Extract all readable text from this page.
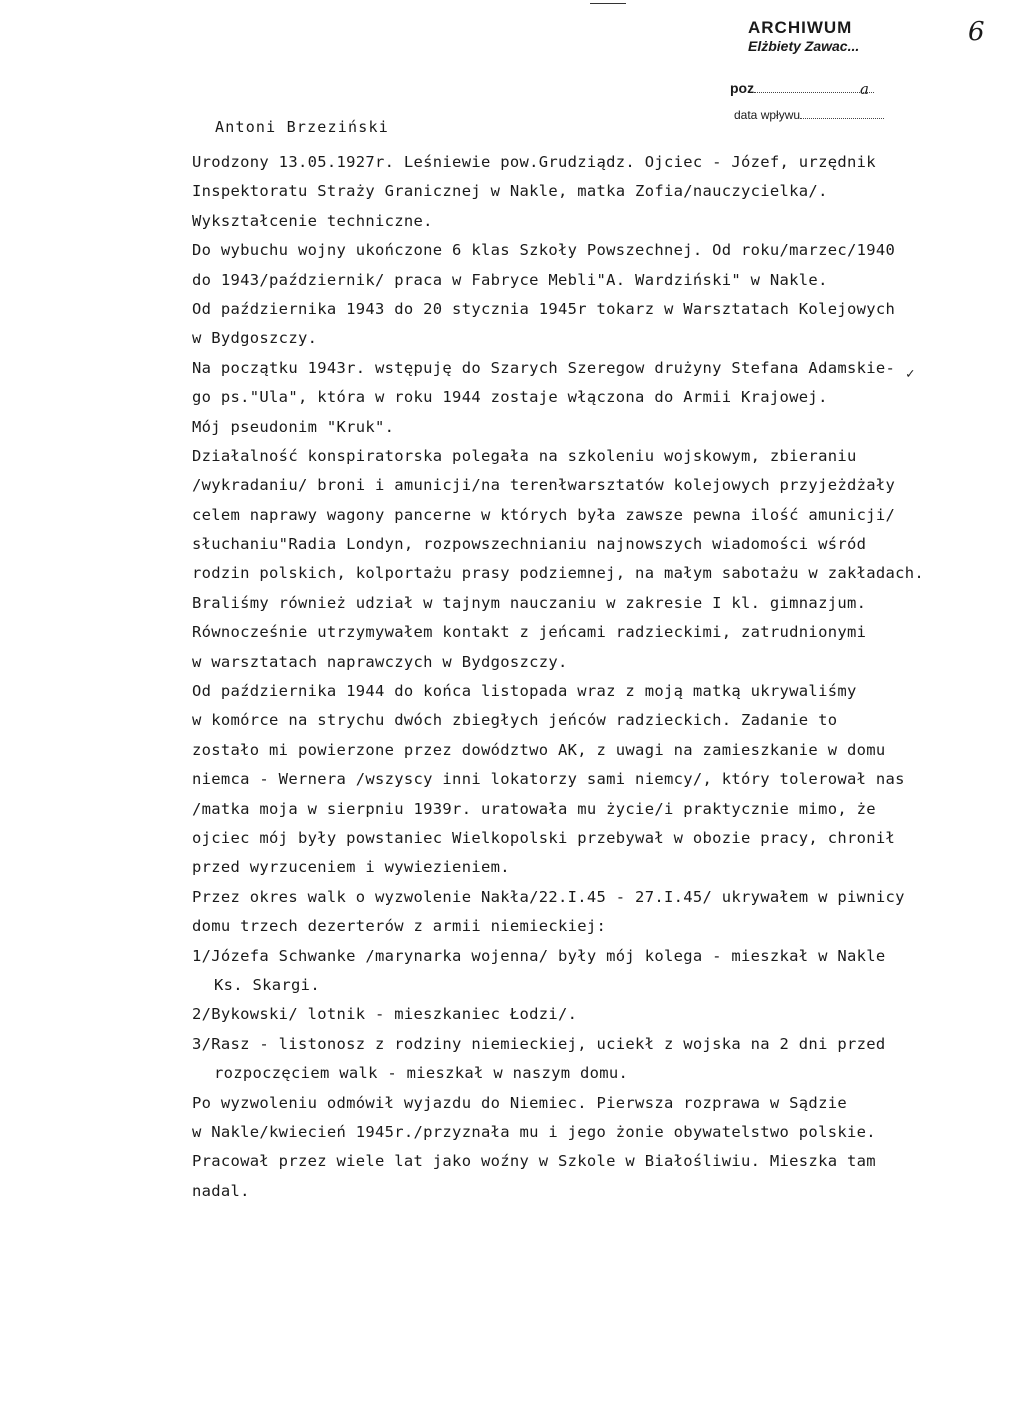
ARCHIWUM
Elżbiety Zawac...
poz
data wpływu
6
a
Antoni Brzeziński
✓
Urodzony 13.05.1927r. Leśniewie pow.Grudziądz. Ojciec - Józef, urzędnik
Inspektoratu Straży Granicznej w Nakle, matka Zofia/nauczycielka/.
Wykształcenie techniczne.
Do wybuchu wojny ukończone 6 klas Szkoły Powszechnej. Od roku/marzec/1940
do 1943/październik/ praca w Fabryce Mebli"A. Wardziński" w Nakle.
Od października 1943 do 20 stycznia 1945r tokarz w Warsztatach Kolejowych
w Bydgoszczy.
Na początku 1943r. wstępuję do Szarych Szeregow drużyny Stefana Adamskie-
go ps."Ula", która w roku 1944 zostaje włączona do Armii Krajowej.
Mój pseudonim "Kruk".
Działalność konspiratorska polegała na szkoleniu wojskowym, zbieraniu
/wykradaniu/ broni i amunicji/na terenłwarsztatów kolejowych przyjeżdżały
celem naprawy wagony pancerne w których była zawsze pewna ilość amunicji/
słuchaniu"Radia Londyn, rozpowszechnianiu najnowszych wiadomości wśród
rodzin polskich, kolportażu prasy podziemnej, na małym sabotażu w zakładach.
Braliśmy również udział w tajnym nauczaniu w zakresie I kl. gimnazjum.
Równocześnie utrzymywałem kontakt z jeńcami radzieckimi, zatrudnionymi
w warsztatach naprawczych w Bydgoszczy.
Od października 1944 do końca listopada wraz z moją matką ukrywaliśmy
w komórce na strychu dwóch zbiegłych jeńców radzieckich. Zadanie to
zostało mi powierzone przez dowództwo AK, z uwagi na zamieszkanie w domu
niemca - Wernera /wszyscy inni lokatorzy sami niemcy/, który tolerował nas
/matka moja w sierpniu 1939r. uratowała mu życie/i praktycznie mimo, że
ojciec mój były powstaniec Wielkopolski przebywał w obozie pracy, chronił
przed wyrzuceniem i wywiezieniem.
Przez okres walk o wyzwolenie Nakła/22.I.45 - 27.I.45/ ukrywałem w piwnicy
domu trzech dezerterów z armii niemieckiej:
1/Józefa Schwanke /marynarka wojenna/ były mój kolega - mieszkał w Nakle
Ks. Skargi.
2/Bykowski/ lotnik - mieszkaniec Łodzi/.
3/Rasz - listonosz z rodziny niemieckiej, uciekł z wojska na 2 dni przed
rozpoczęciem walk - mieszkał w naszym domu.
Po wyzwoleniu odmówił wyjazdu do Niemiec. Pierwsza rozprawa w Sądzie
w Nakle/kwiecień 1945r./przyznała mu i jego żonie obywatelstwo polskie.
Pracował przez wiele lat jako woźny w Szkole w Białośliwiu. Mieszka tam
nadal.
